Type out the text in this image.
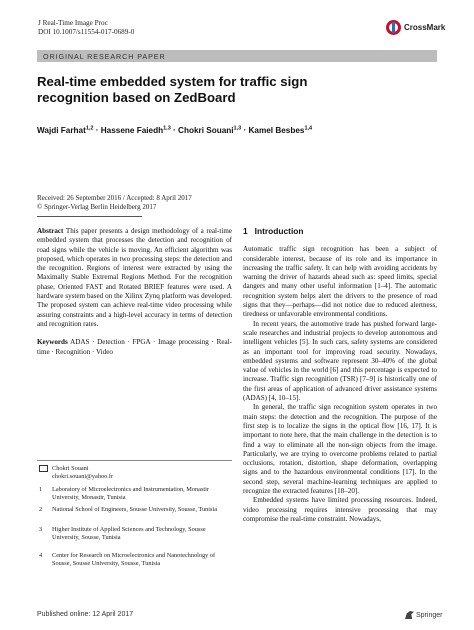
J Real-Time Image Proc
DOI 10.1007/s11554-017-0689-0	CrossMark
ORIGINAL RESEARCH PAPER
Real-time embedded system for traffic sign recognition based on ZedBoard
Wajdi Farhat$^{1,2}$ · Hassene Faiedh$^{1,3}$ · Chokri Souani$^{1,3}$ · Kamel Besbes$^{1,4}$
Received: 26 September 2016 / Accepted: 8 April 2017
© Springer-Verlag Berlin Heidelberg 2017

Abstract This paper presents a design methodology of a real-time embedded system that processes the detection and recognition of road signs while the vehicle is moving. An efficient algorithm was proposed, which operates in two processing steps: the detection and the recognition. Regions of interest were extracted by using the Maximally Stable Extremal Regions Method. For the recognition phase, Oriented FAST and Rotated BRIEF features were used. A hardware system based on the Xilinx Zynq platform was developed. The proposed system can achieve real-time video processing while assuring constraints and a high-level accuracy in terms of detection and recognition rates.

Keywords ADAS · Detection · FPGA · Image processing · Real-time · Recognition · Video

Chokri Souani
chokri.souani@yahoo.fr
1 Laboratory of Microelectronics and Instrumentation, Monastir University, Monastir, Tunisia
2 National School of Engineers, Sousse University, Sousse, Tunisia
3 Higher Institute of Applied Sciences and Technology, Sousse University, Sousse, Tunisia
4 Center for Research on Microelectronics and Nanotechnology of Sousse, Sousse University, Sousse, Tunisia

1 Introduction

Automatic traffic sign recognition has been a subject of considerable interest, because of its role and its importance in increasing the traffic safety. It can help with avoiding accidents by warning the driver of hazards ahead such as: speed limits, special dangers and many other useful information [1–4]. The automatic recognition system helps alert the drivers to the presence of road signs that they—perhaps—did not notice due to reduced alertness, tiredness or unfavorable environmental conditions.

In recent years, the automotive trade has pushed forward large-scale researches and industrial projects to develop autonomous and intelligent vehicles [5]. In such cars, safety systems are considered as an important tool for improving road security. Nowadays, embedded systems and software represent 30–40% of the global value of vehicles in the world [6] and this percentage is expected to increase. Traffic sign recognition (TSR) [7–9] is historically one of the first areas of application of advanced driver assistance systems (ADAS) [4, 10–15].

In general, the traffic sign recognition system operates in two main steps: the detection and the recognition. The purpose of the first step is to localize the signs in the optical flow [16, 17]. It is important to note here, that the main challenge in the detection is to find a way to eliminate all the non-sign objects from the image. Particularly, we are trying to overcome problems related to partial occlusions, rotation, distortion, shape deformation, overlapping signs and to the hazardous environmental conditions [17]. In the second step, several machine-learning techniques are applied to recognize the extracted features [18–20].

Embedded systems have limited processing resources. Indeed, video processing requires intensive processing that may compromise the real-time constraint. Nowadays,

Published online: 12 April 2017	Springer
